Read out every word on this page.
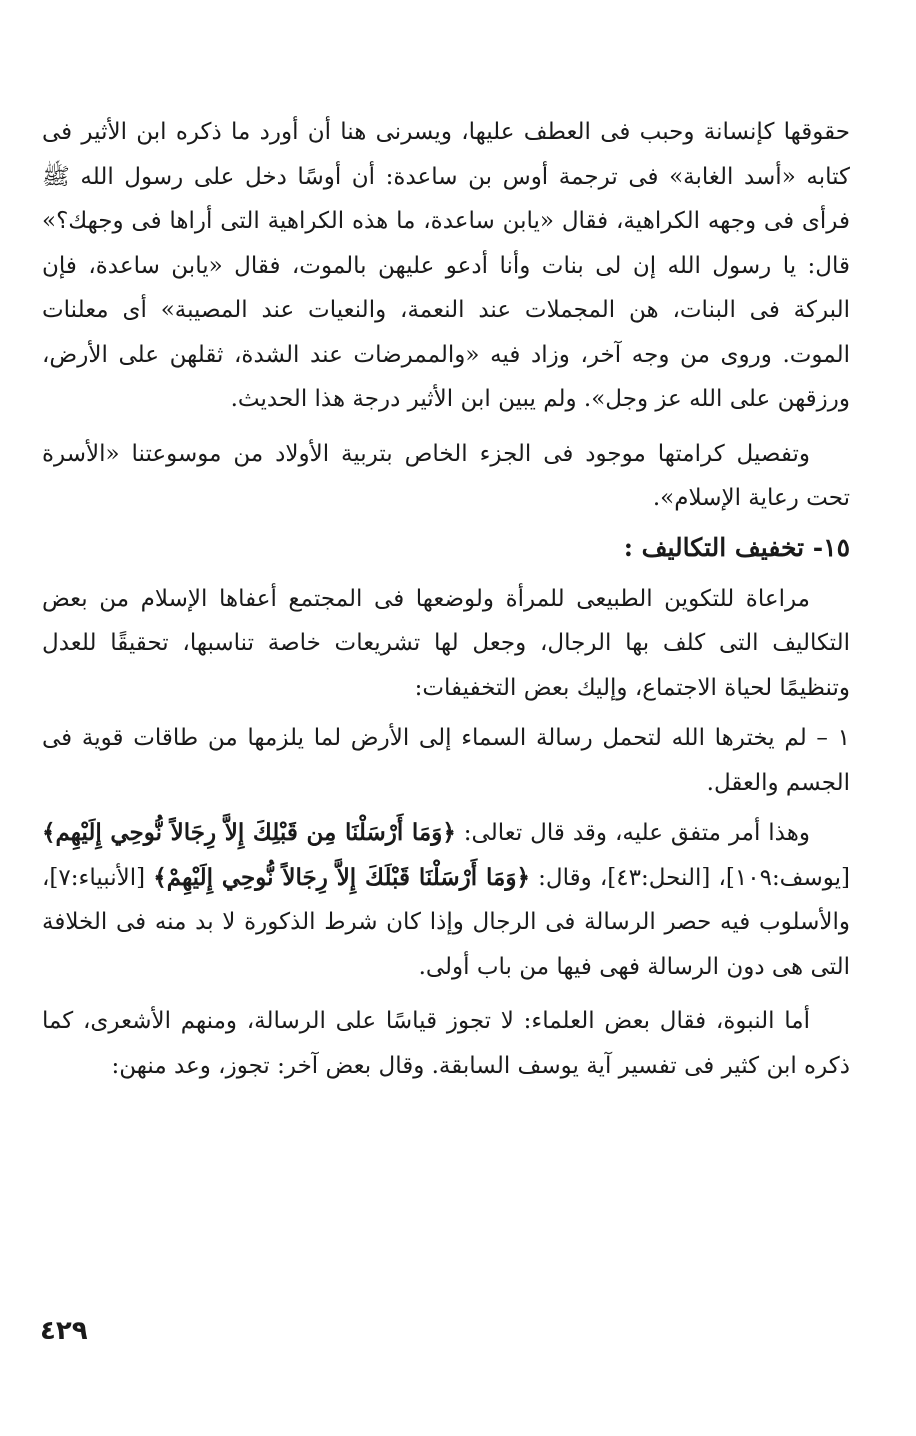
حقوقها كإنسانة وحبب فى العطف عليها، ويسرنى هنا أن أورد ما ذكره ابن الأثير فى كتابه «أسد الغابة» فى ترجمة أوس بن ساعدة: أن أوسًا دخل على رسول الله ﷺ فرأى فى وجهه الكراهية، فقال «يابن ساعدة، ما هذه الكراهية التى أراها فى وجهك؟» قال: يا رسول الله إن لى بنات وأنا أدعو عليهن بالموت، فقال «يابن ساعدة، فإن البركة فى البنات، هن المجملات عند النعمة، والنعيات عند المصيبة» أى معلنات الموت. وروى من وجه آخر، وزاد فيه «والممرضات عند الشدة، ثقلهن على الأرض، ورزقهن على الله عز وجل». ولم يبين ابن الأثير درجة هذا الحديث.

وتفصيل كرامتها موجود فى الجزء الخاص بتربية الأولاد من موسوعتنا «الأسرة تحت رعاية الإسلام».

١٥- تخفيف التكاليف :

مراعاة للتكوين الطبيعى للمرأة ولوضعها فى المجتمع أعفاها الإسلام من بعض التكاليف التى كلف بها الرجال، وجعل لها تشريعات خاصة تناسبها، تحقيقًا للعدل وتنظيمًا لحياة الاجتماع، وإليك بعض التخفيفات:

١ – لم يخترها الله لتحمل رسالة السماء إلى الأرض لما يلزمها من طاقات قوية فى الجسم والعقل.

وهذا أمر متفق عليه، وقد قال تعالى: ﴿وَمَا أَرْسَلْنَا مِن قَبْلِكَ إِلاَّ رِجَالاً نُّوحِي إِلَيْهِم﴾ [يوسف:١٠٩]، [النحل:٤٣]، وقال: ﴿وَمَا أَرْسَلْنَا قَبْلَكَ إِلاَّ رِجَالاً نُّوحِي إِلَيْهِمْ﴾ [الأنبياء:٧]، والأسلوب فيه حصر الرسالة فى الرجال وإذا كان شرط الذكورة لا بد منه فى الخلافة التى هى دون الرسالة فهى فيها من باب أولى.

أما النبوة، فقال بعض العلماء: لا تجوز قياسًا على الرسالة، ومنهم الأشعرى، كما ذكره ابن كثير فى تفسير آية يوسف السابقة. وقال بعض آخر: تجوز، وعد منهن:

٤٢٩
